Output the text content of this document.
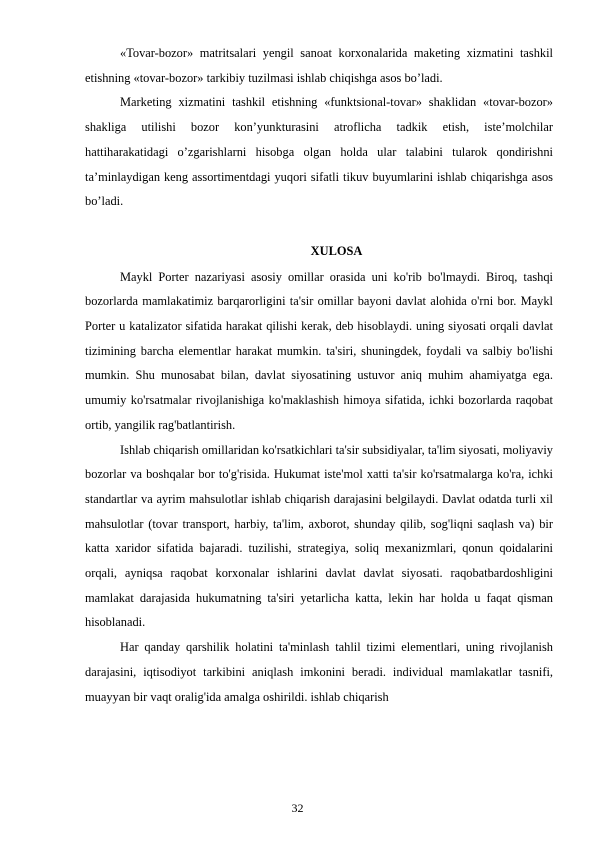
«Tovar-bozor» matritsalari yengil sanoat korxonalarida maketing xizmatini tashkil etishning «tovar-bozor» tarkibiy tuzilmasi ishlab chiqishga asos bo’ladi.

Marketing xizmatini tashkil etishning «funktsional-tovar» shaklidan «tovar-bozor» shakliga utilishi bozor kon’yunkturasini atroflicha tadkik etish, iste’molchilar hattiharakatidagi o’zgarishlarni hisobga olgan holda ular talabini tularok qondirishni ta’minlaydigan keng assortimentdagi yuqori sifatli tikuv buyumlarini ishlab chiqarishga asos bo’ladi.

XULOSA

Maykl Porter nazariyasi asosiy omillar orasida uni ko'rib bo'lmaydi. Biroq, tashqi bozorlarda mamlakatimiz barqarorligini ta'sir omillar bayoni davlat alohida o'rni bor. Maykl Porter u katalizator sifatida harakat qilishi kerak, deb hisoblaydi. uning siyosati orqali davlat tizimining barcha elementlar harakat mumkin. ta'siri, shuningdek, foydali va salbiy bo'lishi mumkin. Shu munosabat bilan, davlat siyosatining ustuvor aniq muhim ahamiyatga ega. umumiy ko'rsatmalar rivojlanishiga ko'maklashish himoya sifatida, ichki bozorlarda raqobat ortib, yangilik rag'batlantirish.

Ishlab chiqarish omillaridan ko'rsatkichlari ta'sir subsidiyalar, ta'lim siyosati, moliyaviy bozorlar va boshqalar bor to'g'risida. Hukumat iste'mol xatti ta'sir ko'rsatmalarga ko'ra, ichki standartlar va ayrim mahsulotlar ishlab chiqarish darajasini belgilaydi. Davlat odatda turli xil mahsulotlar (tovar transport, harbiy, ta'lim, axborot, shunday qilib, sog'liqni saqlash va) bir katta xaridor sifatida bajaradi. tuzilishi, strategiya, soliq mexanizmlari, qonun qoidalarini orqali, ayniqsa raqobat korxonalar ishlarini davlat davlat siyosati. raqobatbardoshligini mamlakat darajasida hukumatning ta'siri yetarlicha katta, lekin har holda u faqat qisman hisoblanadi.

Har qanday qarshilik holatini ta'minlash tahlil tizimi elementlari, uning rivojlanish darajasini, iqtisodiyot tarkibini aniqlash imkonini beradi. individual mamlakatlar tasnifi, muayyan bir vaqt oralig'ida amalga oshirildi. ishlab chiqarish

32
